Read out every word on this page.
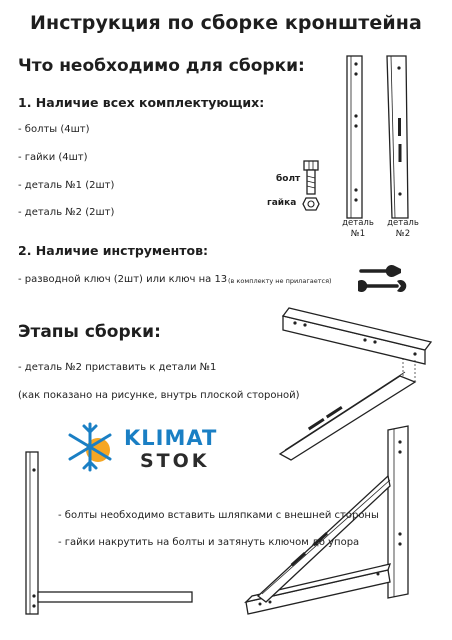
Инструкция по сборке кронштейна
Что необходимо для сборки:
1. Наличие всех комплектующих:
- болты (4шт)
- гайки (4шт)
- деталь №1 (2шт)
- деталь №2 (2шт)
болт
гайка
деталь
№1
деталь
№2
2. Наличие инструментов:
- разводной ключ (2шт) или ключ на 13 (в комплекту не прилагается)
Этапы сборки:
- деталь №2 приставить к детали №1
(как показано на рисунке, внутрь плоской стороной)
KLIMAT
STOK
- болты необходимо вставить шляпками с внешней стороны
- гайки накрутить на болты и затянуть ключом до упора
